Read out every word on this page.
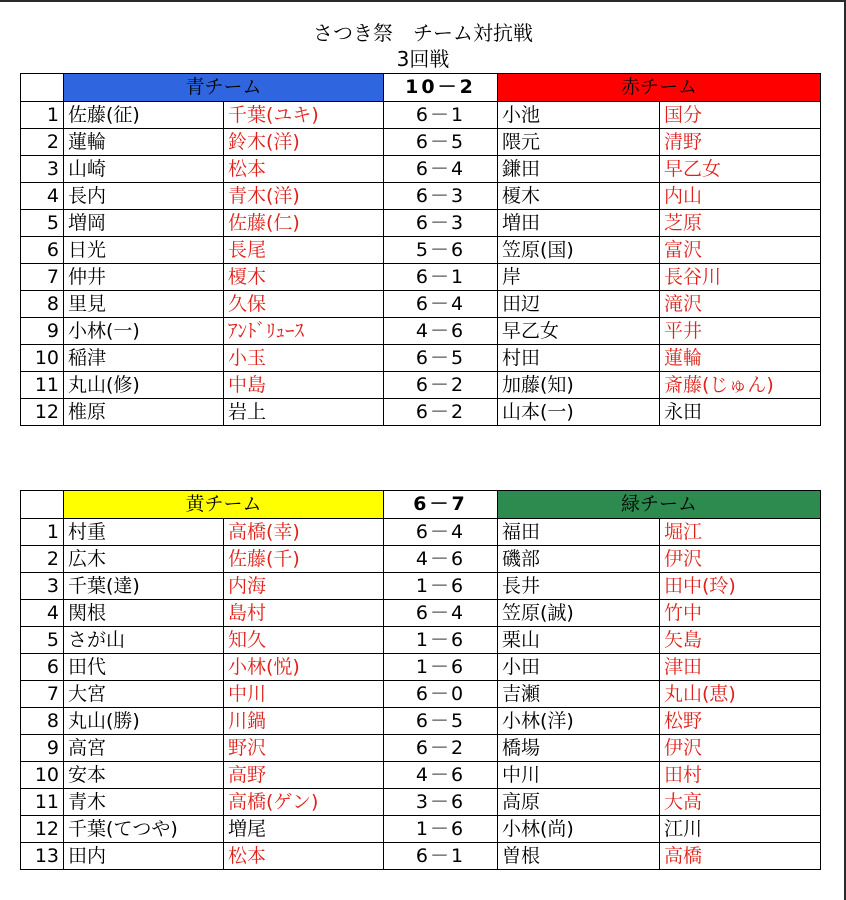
さつき祭　チーム対抗戦
3回戦
	青チーム		10－2	赤チーム	
1	佐藤(征)	千葉(ユキ)	6－1	小池	国分
2	蓮輪	鈴木(洋)	6－5	隈元	清野
3	山崎	松本	6－4	鎌田	早乙女
4	長内	青木(洋)	6－3	榎木	内山
5	増岡	佐藤(仁)	6－3	増田	芝原
6	日光	長尾	5－6	笠原(国)	富沢
7	仲井	榎木	6－1	岸	長谷川
8	里見	久保	6－4	田辺	滝沢
9	小林(一)	ｱﾝﾄﾞﾘｭｰｽ	4－6	早乙女	平井
10	稲津	小玉	6－5	村田	蓮輪
11	丸山(修)	中島	6－2	加藤(知)	斎藤(じゅん)
12	椎原	岩上	6－2	山本(一)	永田
	黄チーム		6－7	緑チーム	
1	村重	高橋(幸)	6－4	福田	堀江
2	広木	佐藤(千)	4－6	磯部	伊沢
3	千葉(達)	内海	1－6	長井	田中(玲)
4	関根	島村	6－4	笠原(誠)	竹中
5	さが山	知久	1－6	栗山	矢島
6	田代	小林(悦)	1－6	小田	津田
7	大宮	中川	6－0	吉瀬	丸山(恵)
8	丸山(勝)	川鍋	6－5	小林(洋)	松野
9	高宮	野沢	6－2	橋場	伊沢
10	安本	高野	4－6	中川	田村
11	青木	高橋(ゲン)	3－6	高原	大高
12	千葉(てつや)	増尾	1－6	小林(尚)	江川
13	田内	松本	6－1	曽根	高橋
